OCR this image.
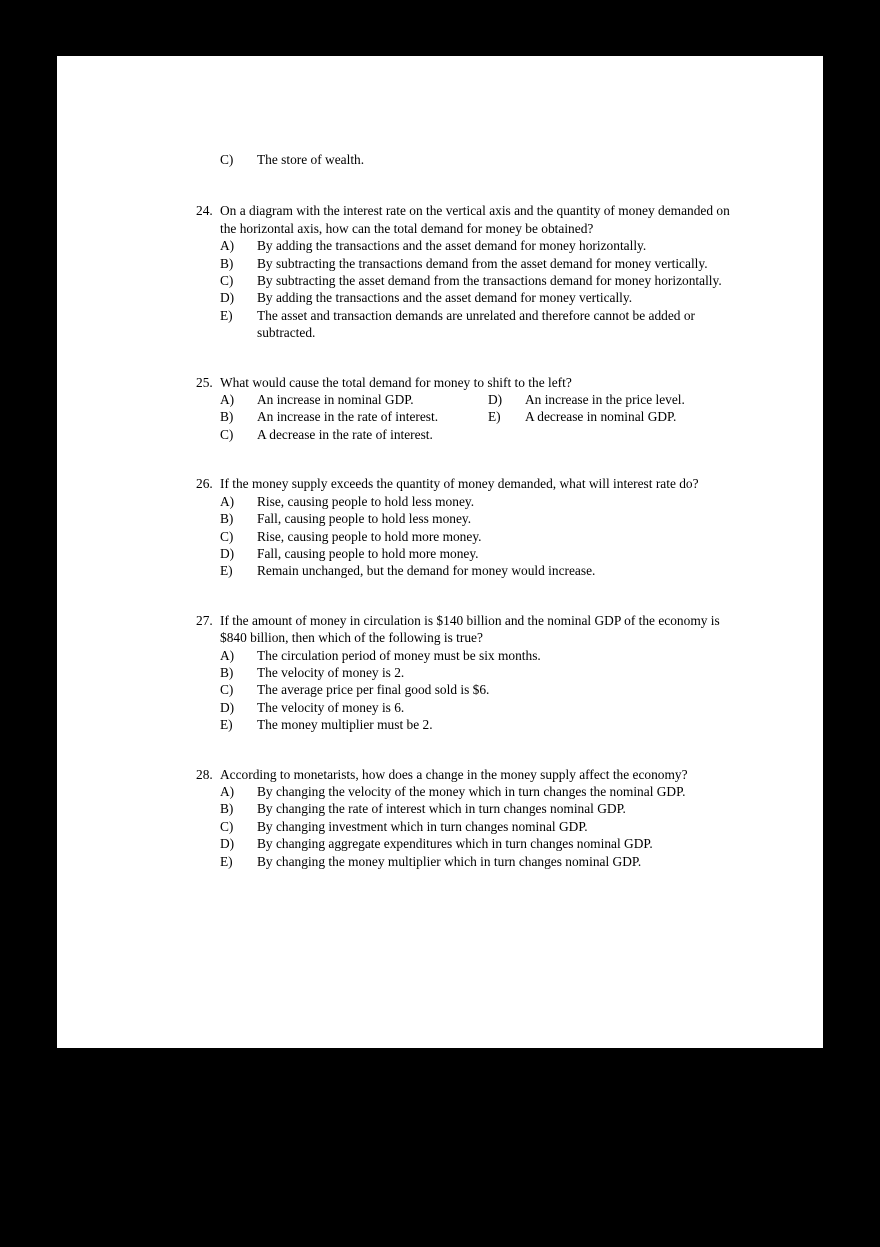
C)	The store of wealth.
24. On a diagram with the interest rate on the vertical axis and the quantity of money demanded on the horizontal axis, how can the total demand for money be obtained?
A)	By adding the transactions and the asset demand for money horizontally.
B)	By subtracting the transactions demand from the asset demand for money vertically.
C)	By subtracting the asset demand from the transactions demand for money horizontally.
D)	By adding the transactions and the asset demand for money vertically.
E)	The asset and transaction demands are unrelated and therefore cannot be added or subtracted.
25. What would cause the total demand for money to shift to the left?
A)	An increase in nominal GDP.
B)	An increase in the rate of interest.
C)	A decrease in the rate of interest.
D)	An increase in the price level.
E)	A decrease in nominal GDP.
26. If the money supply exceeds the quantity of money demanded, what will interest rate do?
A)	Rise, causing people to hold less money.
B)	Fall, causing people to hold less money.
C)	Rise, causing people to hold more money.
D)	Fall, causing people to hold more money.
E)	Remain unchanged, but the demand for money would increase.
27. If the amount of money in circulation is $140 billion and the nominal GDP of the economy is $840 billion, then which of the following is true?
A)	The circulation period of money must be six months.
B)	The velocity of money is 2.
C)	The average price per final good sold is $6.
D)	The velocity of money is 6.
E)	The money multiplier must be 2.
28. According to monetarists, how does a change in the money supply affect the economy?
A)	By changing the velocity of the money which in turn changes the nominal GDP.
B)	By changing the rate of interest which in turn changes nominal GDP.
C)	By changing investment which in turn changes nominal GDP.
D)	By changing aggregate expenditures which in turn changes nominal GDP.
E)	By changing the money multiplier which in turn changes nominal GDP.
